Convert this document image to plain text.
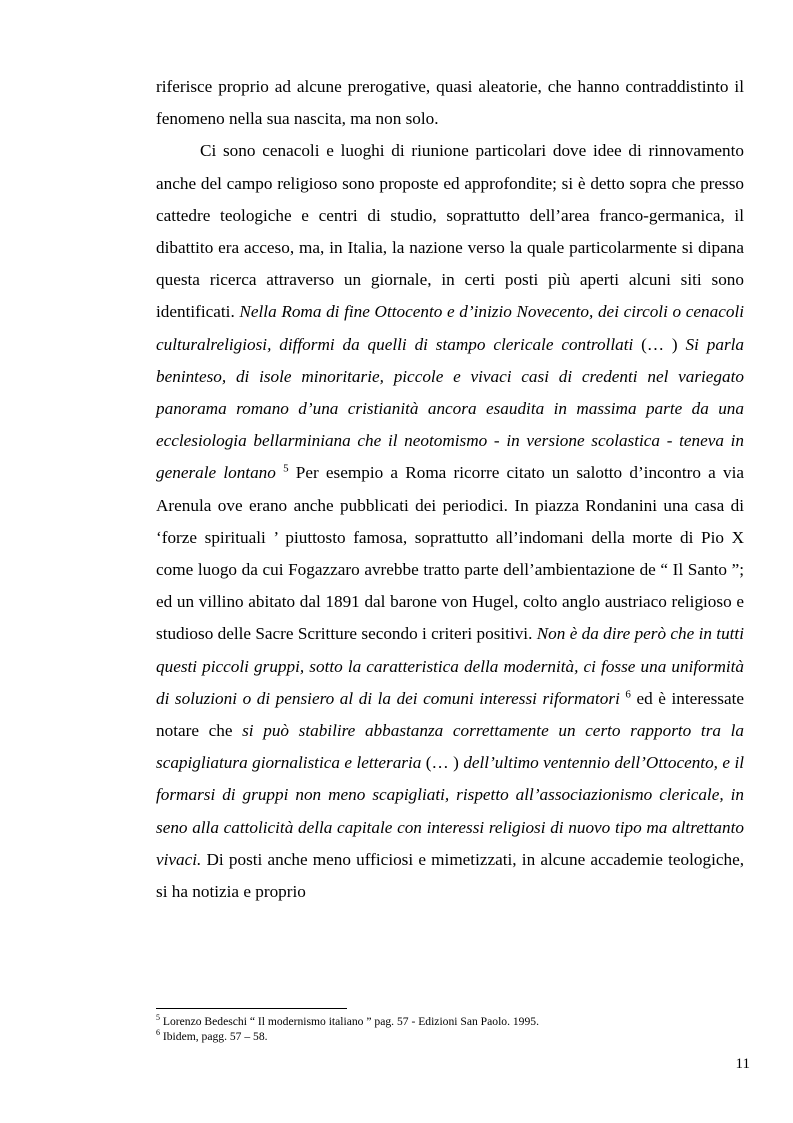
riferisce proprio ad alcune prerogative, quasi aleatorie, che hanno contraddistinto il fenomeno nella sua nascita, ma non solo.

Ci sono cenacoli e luoghi di riunione particolari dove idee di rinnovamento anche del campo religioso sono proposte ed approfondite; si è detto sopra che presso cattedre teologiche e centri di studio, soprattutto dell’area franco-germanica, il dibattito era acceso, ma, in Italia, la nazione verso la quale particolarmente si dipana questa ricerca attraverso un giornale, in certi posti più aperti alcuni siti sono identificati. Nella Roma di fine Ottocento e d’inizio Novecento, dei circoli o cenacoli culturalreligiosi, difformi da quelli di stampo clericale controllati (… ) Si parla beninteso, di isole minoritarie, piccole e vivaci casi di credenti nel variegato panorama romano d’una cristianità ancora esaudita in massima parte da una ecclesiologia bellarminiana che il neotomismo - in versione scolastica - teneva in generale lontano $^5$ Per esempio a Roma ricorre citato un salotto d’incontro a via Arenula ove erano anche pubblicati dei periodici. In piazza Rondanini una casa di ‘forze spirituali ’ piuttosto famosa, soprattutto all’indomani della morte di Pio X come luogo da cui Fogazzaro avrebbe tratto parte dell’ambientazione de “ Il Santo ”; ed un villino abitato dal 1891 dal barone von Hugel, colto anglo austriaco religioso e studioso delle Sacre Scritture secondo i criteri positivi. Non è da dire però che in tutti questi piccoli gruppi, sotto la caratteristica della modernità, ci fosse una uniformità di soluzioni o di pensiero al di la dei comuni interessi riformatori $^6$ ed è interessate notare che si può stabilire abbastanza correttamente un certo rapporto tra la scapigliatura giornalistica e letteraria (… ) dell’ultimo ventennio dell’Ottocento, e il formarsi di gruppi non meno scapigliati, rispetto all’associazionismo clericale, in seno alla cattolicità della capitale con interessi religiosi di nuovo tipo ma altrettanto vivaci. Di posti anche meno ufficiosi e mimetizzati, in alcune accademie teologiche, si ha notizia e proprio

$^5$ Lorenzo Bedeschi “ Il modernismo italiano ” pag. 57 - Edizioni San Paolo. 1995.
$^6$ Ibidem, pagg. 57 – 58.
11
